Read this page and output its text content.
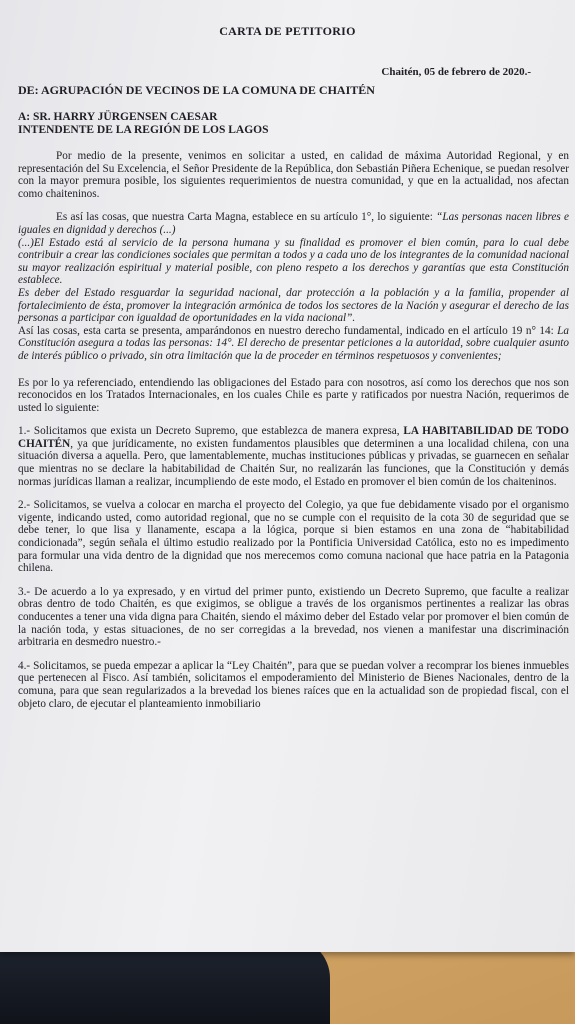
CARTA DE PETITORIO
Chaitén, 05 de febrero de 2020.-
DE: AGRUPACIÓN DE VECINOS DE LA COMUNA DE CHAITÉN
A: SR. HARRY JÜRGENSEN CAESAR
INTENDENTE DE LA REGIÓN DE LOS LAGOS

Por medio de la presente, venimos en solicitar a usted, en calidad de máxima Autoridad Regional, y en representación del Su Excelencia, el Señor Presidente de la República, don Sebastián Piñera Echenique, se puedan resolver con la mayor premura posible, los siguientes requerimientos de nuestra comunidad, y que en la actualidad, nos afectan como chaiteninos.

Es así las cosas, que nuestra Carta Magna, establece en su artículo 1°, lo siguiente: “Las personas nacen libres e iguales en dignidad y derechos (...)
(...)El Estado está al servicio de la persona humana y su finalidad es promover el bien común, para lo cual debe contribuir a crear las condiciones sociales que permitan a todos y a cada uno de los integrantes de la comunidad nacional su mayor realización espiritual y material posible, con pleno respeto a los derechos y garantías que esta Constitución establece.
Es deber del Estado resguardar la seguridad nacional, dar protección a la población y a la familia, propender al fortalecimiento de ésta, promover la integración armónica de todos los sectores de la Nación y asegurar el derecho de las personas a participar con igualdad de oportunidades en la vida nacional”.
Así las cosas, esta carta se presenta, amparándonos en nuestro derecho fundamental, indicado en el artículo 19 n° 14: La Constitución asegura a todas las personas: 14°. El derecho de presentar peticiones a la autoridad, sobre cualquier asunto de interés público o privado, sin otra limitación que la de proceder en términos respetuosos y convenientes;

Es por lo ya referenciado, entendiendo las obligaciones del Estado para con nosotros, así como los derechos que nos son reconocidos en los Tratados Internacionales, en los cuales Chile es parte y ratificados por nuestra Nación, requerimos de usted lo siguiente:

1.- Solicitamos que exista un Decreto Supremo, que establezca de manera expresa, LA HABITABILIDAD DE TODO CHAITÉN, ya que jurídicamente, no existen fundamentos plausibles que determinen a una localidad chilena, con una situación diversa a aquella. Pero, que lamentablemente, muchas instituciones públicas y privadas, se guarnecen en señalar que mientras no se declare la habitabilidad de Chaitén Sur, no realizarán las funciones, que la Constitución y demás normas jurídicas llaman a realizar, incumpliendo de este modo, el Estado en promover el bien común de los chaiteninos.

2.- Solicitamos, se vuelva a colocar en marcha el proyecto del Colegio, ya que fue debidamente visado por el organismo vigente, indicando usted, como autoridad regional, que no se cumple con el requisito de la cota 30 de seguridad que se debe tener, lo que lisa y llanamente, escapa a la lógica, porque si bien estamos en una zona de “habitabilidad condicionada”, según señala el último estudio realizado por la Pontificia Universidad Católica, esto no es impedimento para formular una vida dentro de la dignidad que nos merecemos como comuna nacional que hace patria en la Patagonia chilena.

3.- De acuerdo a lo ya expresado, y en virtud del primer punto, existiendo un Decreto Supremo, que faculte a realizar obras dentro de todo Chaitén, es que exigimos, se obligue a través de los organismos pertinentes a realizar las obras conducentes a tener una vida digna para Chaitén, siendo el máximo deber del Estado velar por promover el bien común de la nación toda, y estas situaciones, de no ser corregidas a la brevedad, nos vienen a manifestar una discriminación arbitraria en desmedro nuestro.-

4.- Solicitamos, se pueda empezar a aplicar la “Ley Chaitén”, para que se puedan volver a recomprar los bienes inmuebles que pertenecen al Fisco. Así también, solicitamos el empoderamiento del Ministerio de Bienes Nacionales, dentro de la comuna, para que sean regularizados a la brevedad los bienes raíces que en la actualidad son de propiedad fiscal, con el objeto claro, de ejecutar el planteamiento inmobiliario
